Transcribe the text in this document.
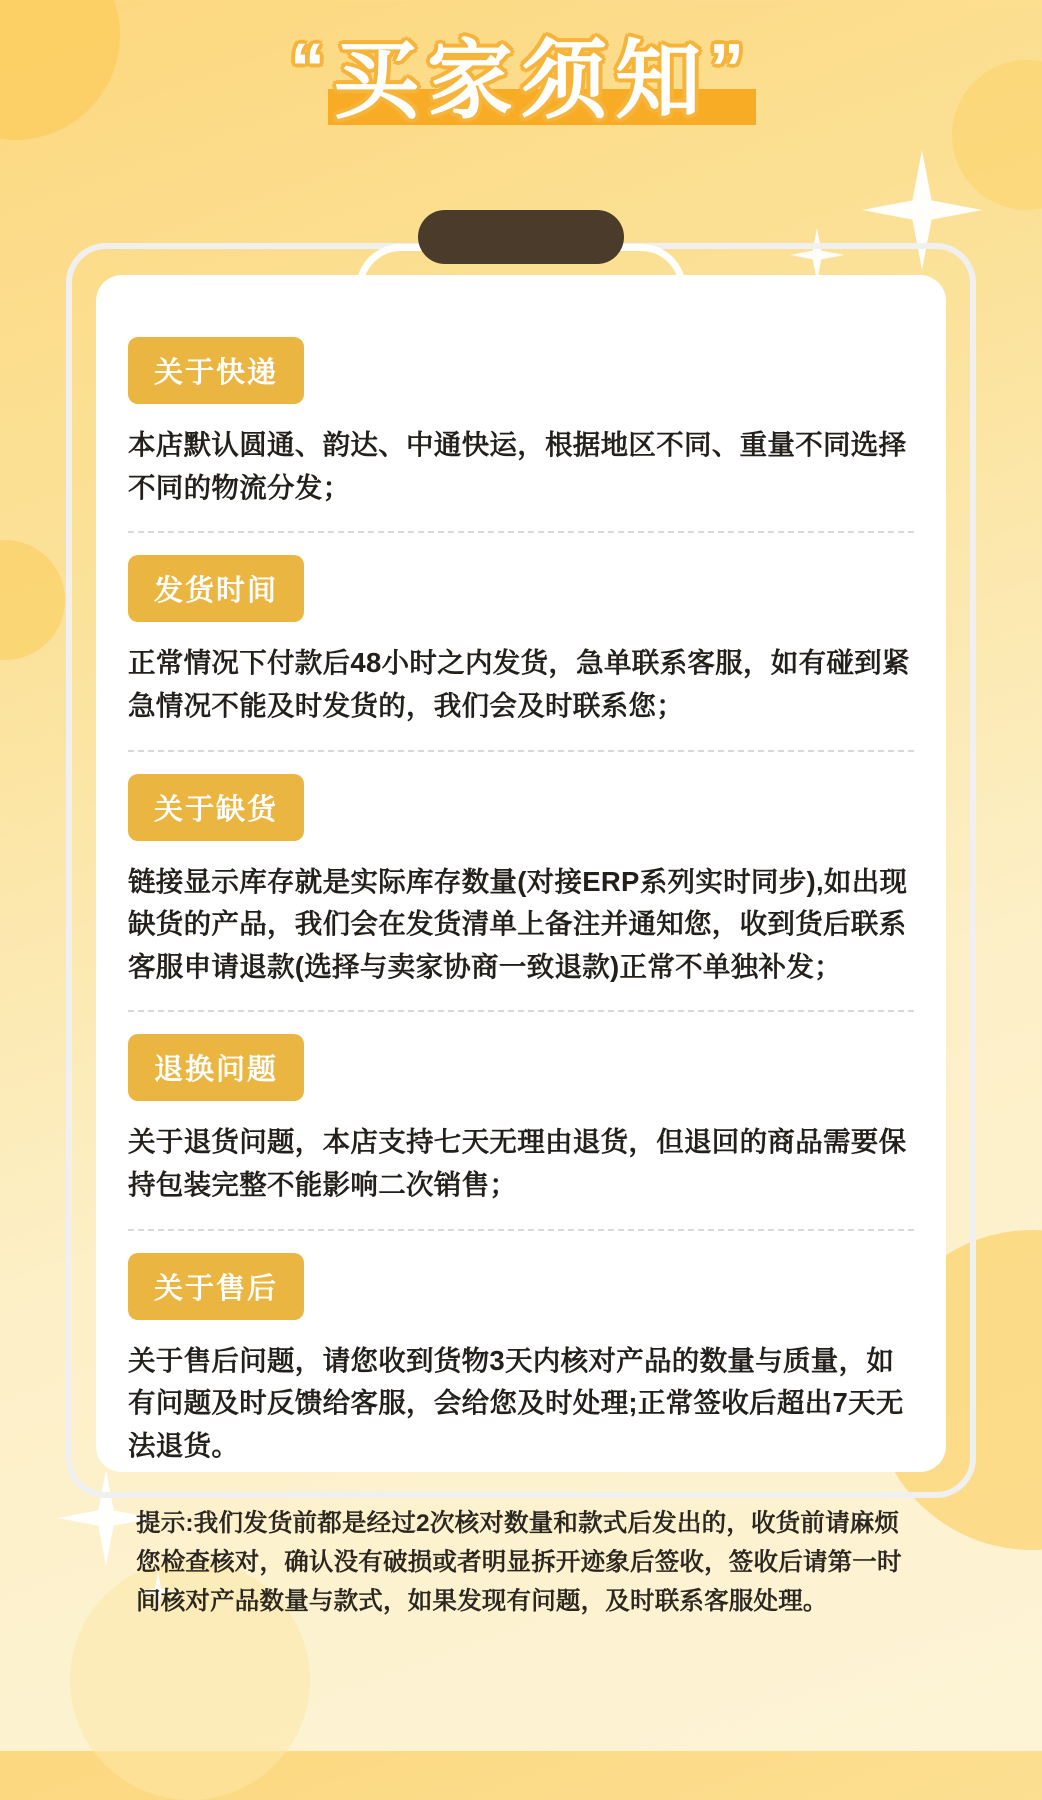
“买家须知”
关于快递
本店默认圆通、韵达、中通快运，根据地区不同、重量不同选择不同的物流分发；
发货时间
正常情况下付款后48小时之内发货，急单联系客服，如有碰到紧急情况不能及时发货的，我们会及时联系您；
关于缺货
链接显示库存就是实际库存数量(对接ERP系列实时同步),如出现缺货的产品，我们会在发货清单上备注并通知您，收到货后联系客服申请退款(选择与卖家协商一致退款)正常不单独补发；
退换问题
关于退货问题，本店支持七天无理由退货，但退回的商品需要保持包装完整不能影响二次销售；
关于售后
关于售后问题，请您收到货物3天内核对产品的数量与质量，如有问题及时反馈给客服，会给您及时处理;正常签收后超出7天无法退货。
提示:我们发货前都是经过2次核对数量和款式后发出的，收货前请麻烦您检查核对，确认没有破损或者明显拆开迹象后签收，签收后请第一时间核对产品数量与款式，如果发现有问题，及时联系客服处理。
